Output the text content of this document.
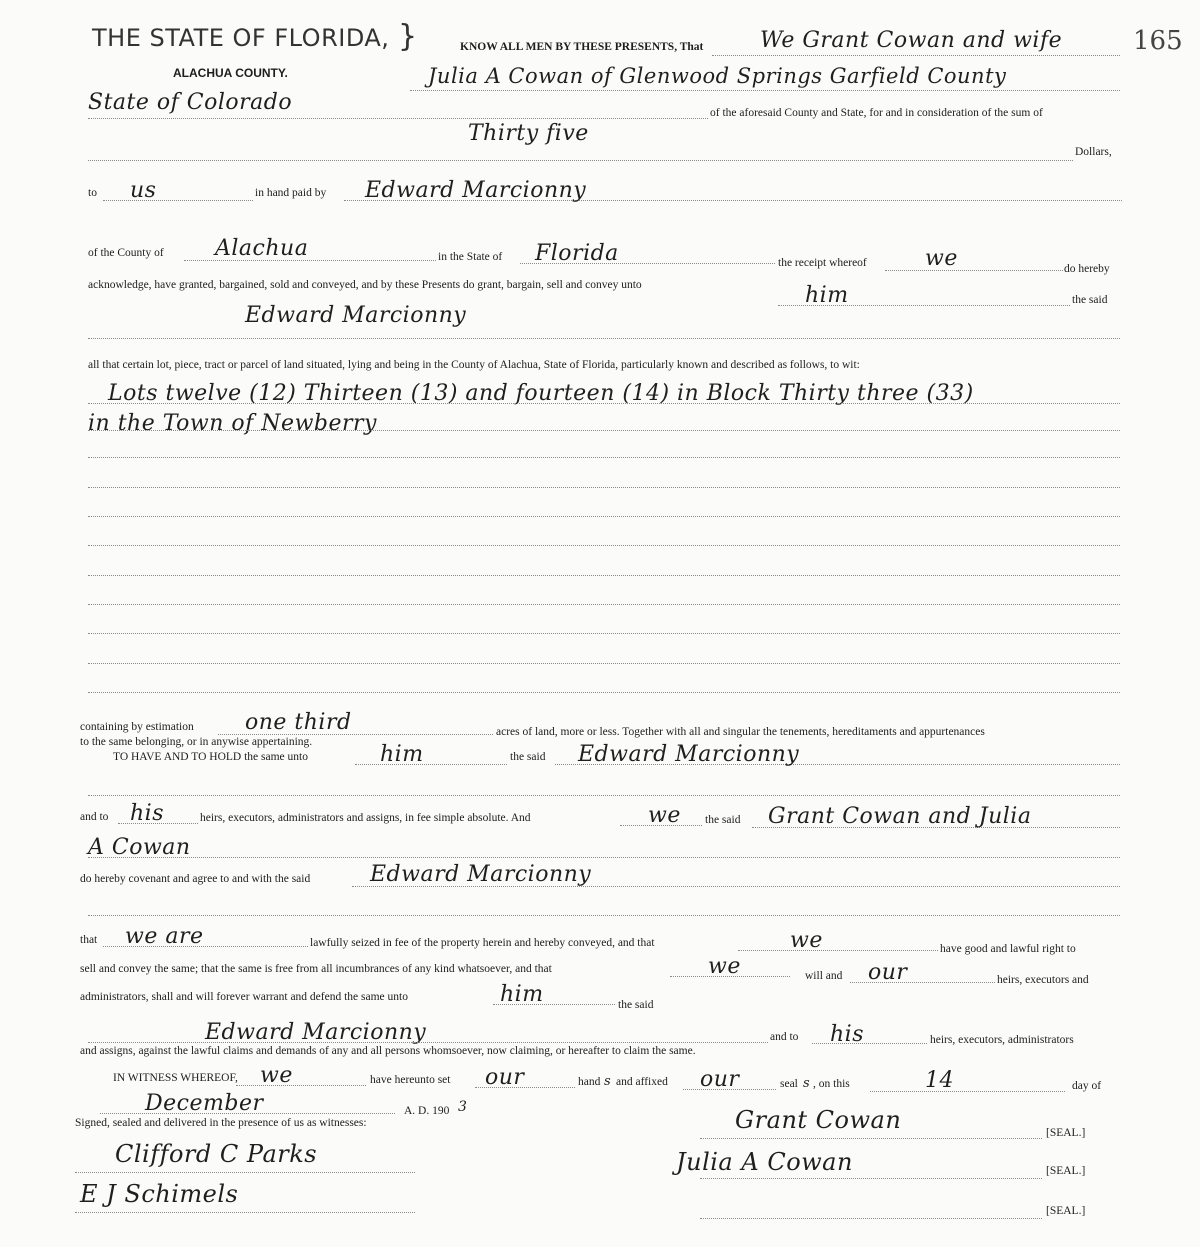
THE STATE OF FLORIDA, }
ALACHUA COUNTY.
KNOW ALL MEN BY THESE PRESENTS, That	165
We Grant Cowan and wife
Julia A Cowan of Glenwood Springs Garfield County
State of Colorado	of the aforesaid County and State, for and in consideration of the sum of
Thirty five
Dollars,
to us	in hand paid by Edward Marcionny
of the County of Alachua	in the State of Florida	the receipt whereof	we	do hereby
acknowledge, have granted, bargained, sold and conveyed, and by these Presents do grant, bargain, sell and convey unto	him	the said
Edward Marcionny
all that certain lot, piece, tract or parcel of land situated, lying and being in the County of Alachua, State of Florida, particularly known and described as follows, to wit:
Lots twelve (12) Thirteen (13) and fourteen (14) in Block Thirty three (33)
in the Town of Newberry
containing by estimation one third	acres of land, more or less. Together with all and singular the tenements, hereditaments and appurtenances
to the same belonging, or in anywise appertaining.
TO HAVE AND TO HOLD the same unto	him	the said Edward Marcionny
and to his	heirs, executors, administrators and assigns, in fee simple absolute. And	we the said Grant Cowan and Julia
A Cowan
do hereby covenant and agree to and with the said	Edward Marcionny
that we are	lawfully seized in fee of the property herein and hereby conveyed, and that	we	have good and lawful right to
sell and convey the same; that the same is free from all incumbrances of any kind whatsoever, and that	we	will and our	heirs, executors and
administrators, shall and will forever warrant and defend the same unto	him	the said
Edward Marcionny	and to his	heirs, executors, administrators
and assigns, against the lawful claims and demands of any and all persons whomsoever, now claiming, or hereafter to claim the same.
IN WITNESS WHEREOF, we	have hereunto set our	hand s and affixed our	seal s , on this	14	day of
December	A. D. 190 3
Signed, sealed and delivered in the presence of us as witnesses:	Grant Cowan	[SEAL.]
Clifford C Parks	Julia A Cowan	[SEAL.]
E J Schimels
[SEAL.]
